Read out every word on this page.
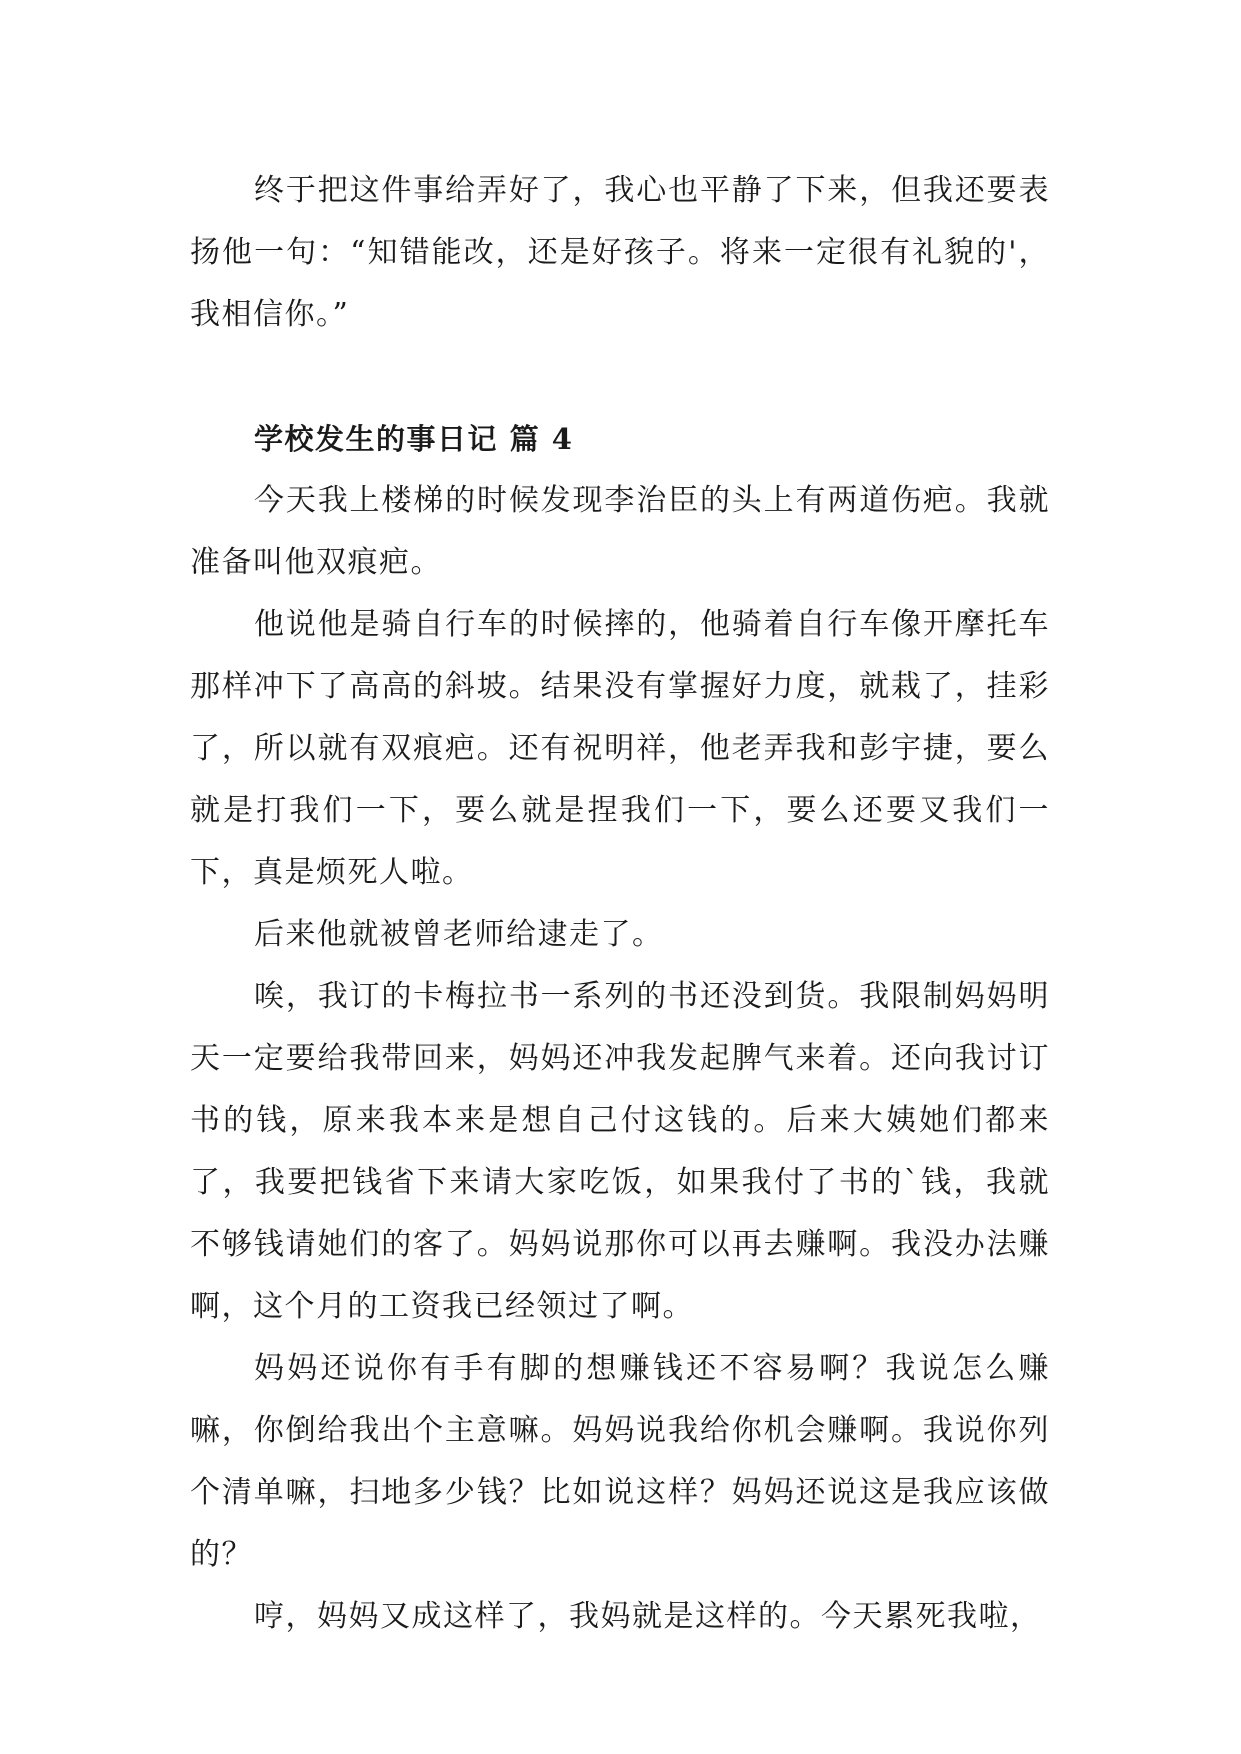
终于把这件事给弄好了，我心也平静了下来，但我还要表扬他一句：“知错能改，还是好孩子。将来一定很有礼貌的'，我相信你。”

学校发生的事日记 篇 4

今天我上楼梯的时候发现李治臣的头上有两道伤疤。我就准备叫他双痕疤。

他说他是骑自行车的时候摔的，他骑着自行车像开摩托车那样冲下了高高的斜坡。结果没有掌握好力度，就栽了，挂彩了，所以就有双痕疤。还有祝明祥，他老弄我和彭宇捷，要么就是打我们一下，要么就是捏我们一下，要么还要叉我们一下，真是烦死人啦。

后来他就被曾老师给逮走了。

唉，我订的卡梅拉书一系列的书还没到货。我限制妈妈明天一定要给我带回来，妈妈还冲我发起脾气来着。还向我讨订书的钱，原来我本来是想自己付这钱的。后来大姨她们都来了，我要把钱省下来请大家吃饭，如果我付了书的`钱，我就不够钱请她们的客了。妈妈说那你可以再去赚啊。我没办法赚啊，这个月的工资我已经领过了啊。

妈妈还说你有手有脚的想赚钱还不容易啊？我说怎么赚嘛，你倒给我出个主意嘛。妈妈说我给你机会赚啊。我说你列个清单嘛，扫地多少钱？比如说这样？妈妈还说这是我应该做的？

哼，妈妈又成这样了，我妈就是这样的。今天累死我啦，
